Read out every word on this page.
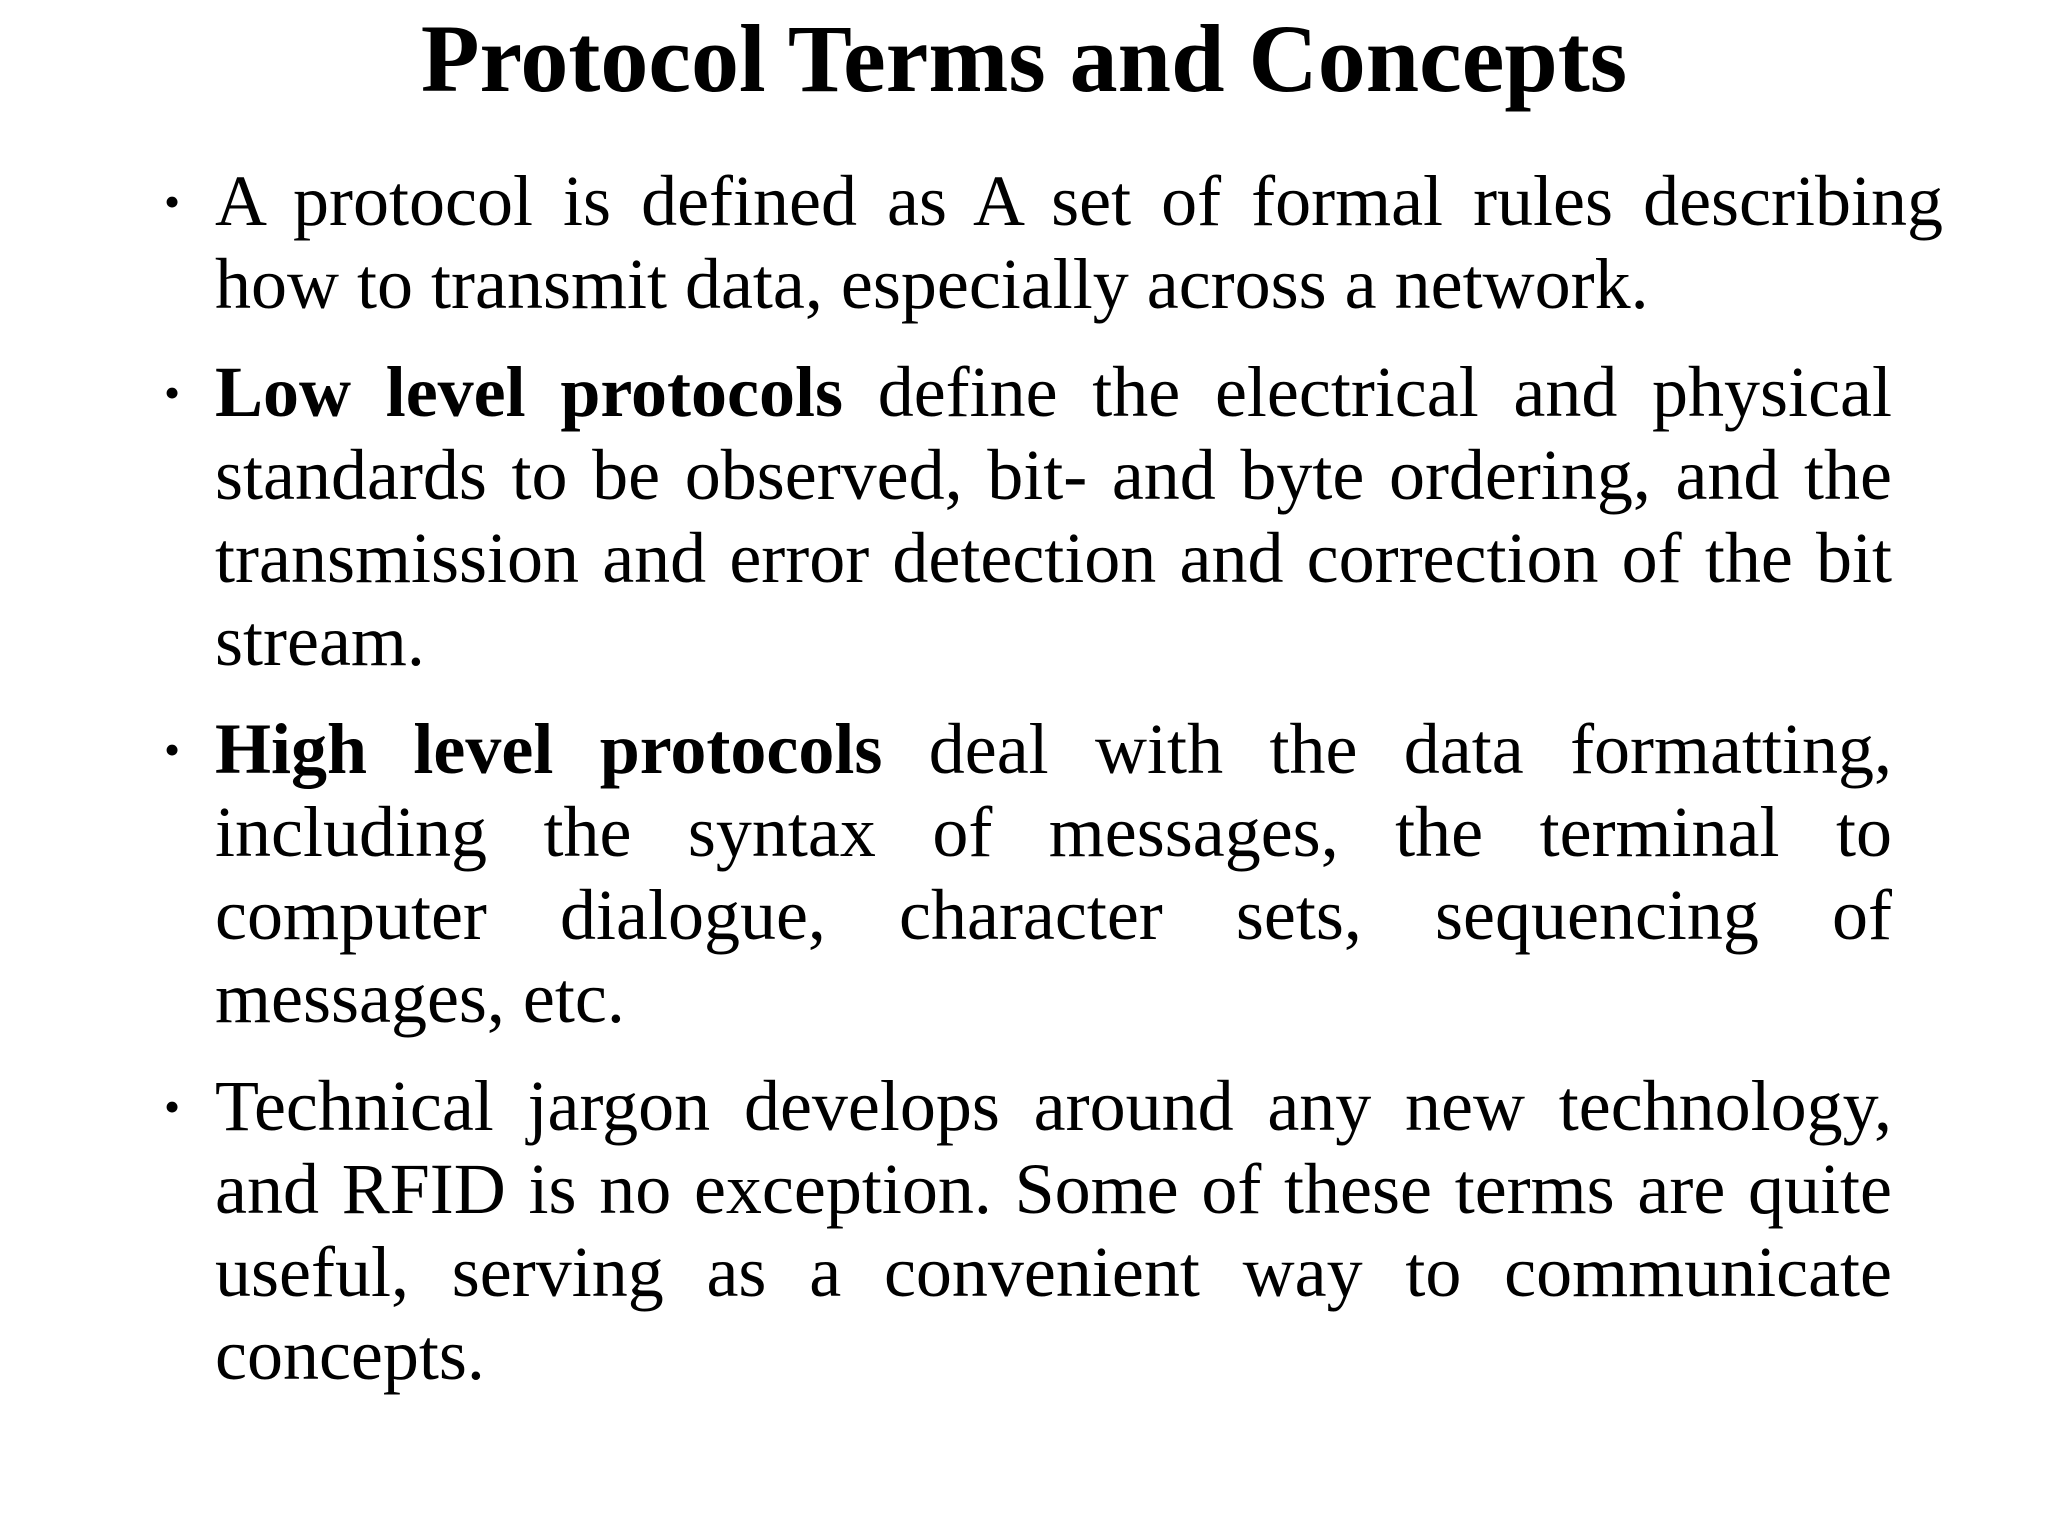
Protocol Terms and Concepts
• A protocol is defined as A set of formal rules describing how to transmit data, especially across a network.
• Low level protocols define the electrical and physical standards to be observed, bit- and byte ordering, and the transmission and error detection and correction of the bit stream.
• High level protocols deal with the data formatting, including the syntax of messages, the terminal to computer dialogue, character sets, sequencing of messages, etc.
• Technical jargon develops around any new technology, and RFID is no exception. Some of these terms are quite useful, serving as a convenient way to communicate concepts.
